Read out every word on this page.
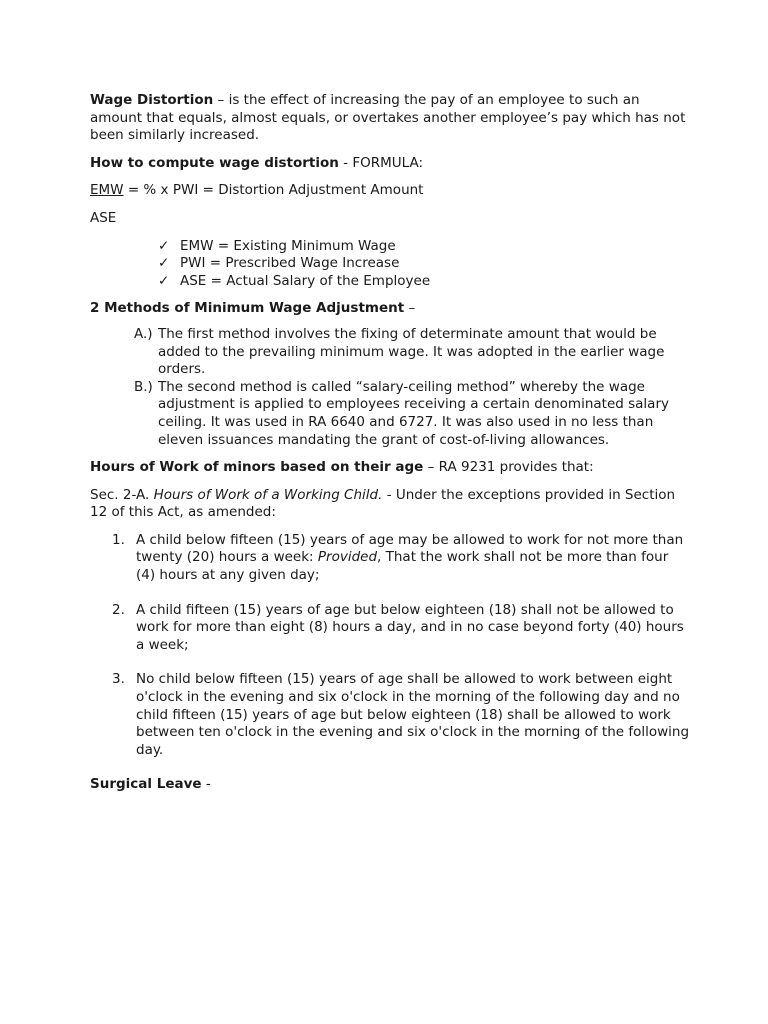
Wage Distortion – is the effect of increasing the pay of an employee to such an amount that equals, almost equals, or overtakes another employee’s pay which has not been similarly increased.

How to compute wage distortion - FORMULA:

EMW = % x PWI = Distortion Adjustment Amount

ASE

✓ EMW = Existing Minimum Wage
✓ PWI = Prescribed Wage Increase
✓ ASE = Actual Salary of the Employee

2 Methods of Minimum Wage Adjustment –

A.) The first method involves the fixing of determinate amount that would be added to the prevailing minimum wage. It was adopted in the earlier wage orders.
B.) The second method is called “salary-ceiling method” whereby the wage adjustment is applied to employees receiving a certain denominated salary ceiling. It was used in RA 6640 and 6727. It was also used in no less than eleven issuances mandating the grant of cost-of-living allowances.

Hours of Work of minors based on their age – RA 9231 provides that:

Sec. 2-A. Hours of Work of a Working Child. - Under the exceptions provided in Section 12 of this Act, as amended:

1. A child below fifteen (15) years of age may be allowed to work for not more than twenty (20) hours a week: Provided, That the work shall not be more than four (4) hours at any given day;
2. A child fifteen (15) years of age but below eighteen (18) shall not be allowed to work for more than eight (8) hours a day, and in no case beyond forty (40) hours a week;
3. No child below fifteen (15) years of age shall be allowed to work between eight o'clock in the evening and six o'clock in the morning of the following day and no child fifteen (15) years of age but below eighteen (18) shall be allowed to work between ten o'clock in the evening and six o'clock in the morning of the following day.

Surgical Leave -
